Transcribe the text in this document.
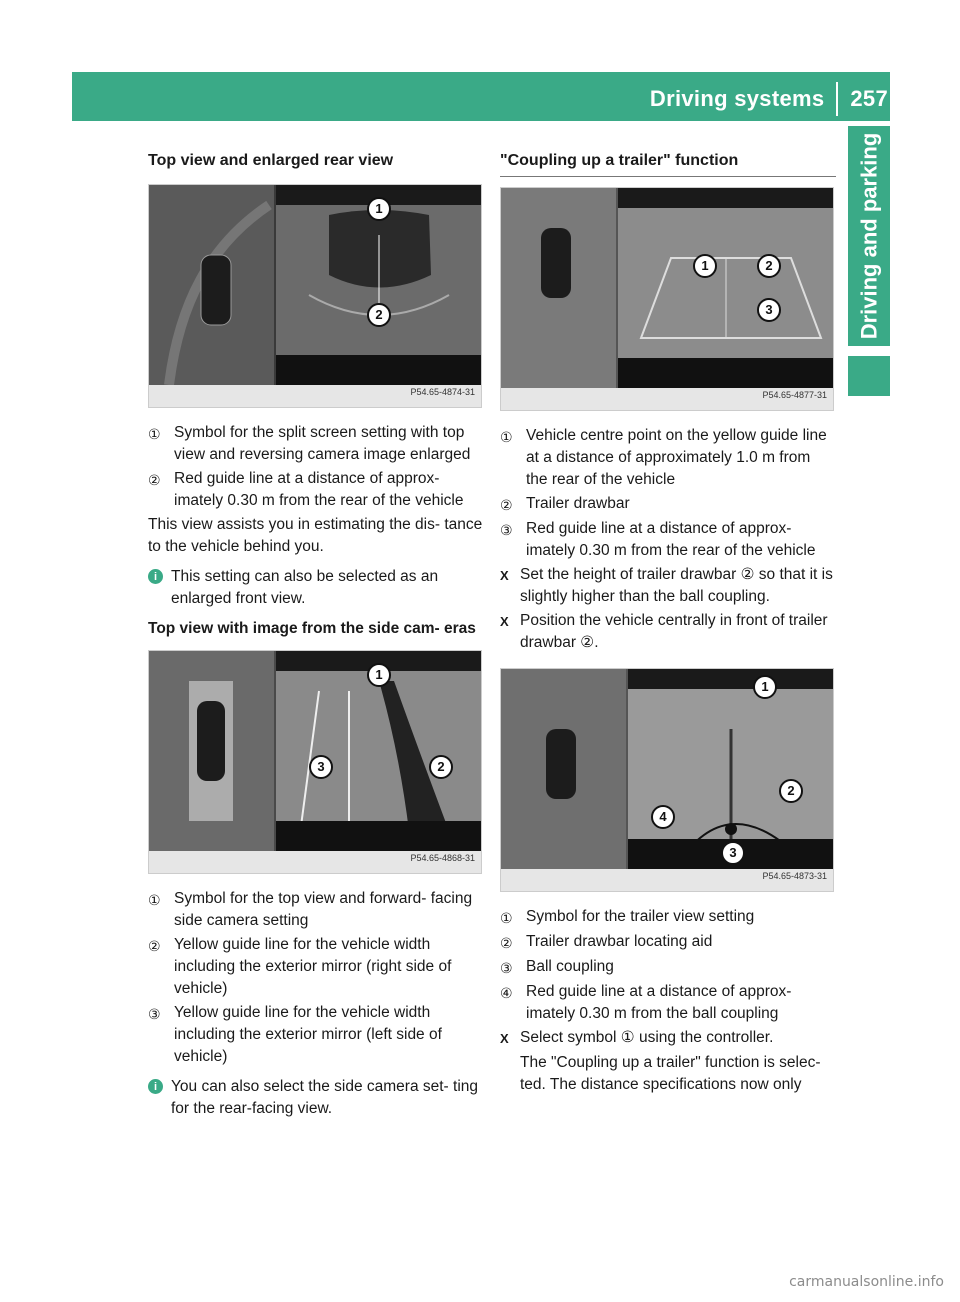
Driving systems 257
Driving and parking
Top view and enlarged rear view
1
2
P54.65-4874-31
① Symbol for the split screen setting with top view and reversing camera image enlarged
② Red guide line at a distance of approx- imately 0.30 m from the rear of the vehicle

This view assists you in estimating the dis- tance to the vehicle behind you.

i This setting can also be selected as an enlarged front view.
Top view with image from the side cam- eras
1
2
3
P54.65-4868-31
① Symbol for the top view and forward- facing side camera setting
② Yellow guide line for the vehicle width including the exterior mirror (right side of vehicle)
③ Yellow guide line for the vehicle width including the exterior mirror (left side of vehicle)
i You can also select the side camera set- ting for the rear-facing view.
"Coupling up a trailer" function
1	2
3
P54.65-4877-31
① Vehicle centre point on the yellow guide line at a distance of approximately 1.0 m from the rear of the vehicle
② Trailer drawbar
③ Red guide line at a distance of approx- imately 0.30 m from the rear of the vehicle
X Set the height of trailer drawbar ② so that it is slightly higher than the ball coupling.
X Position the vehicle centrally in front of trailer drawbar ②.
1
2
3
4
P54.65-4873-31
① Symbol for the trailer view setting
② Trailer drawbar locating aid
③ Ball coupling
④ Red guide line at a distance of approx- imately 0.30 m from the ball coupling
X Select symbol ① using the controller.

The "Coupling up a trailer" function is selec- ted. The distance specifications now only

carmanualsonline.info
